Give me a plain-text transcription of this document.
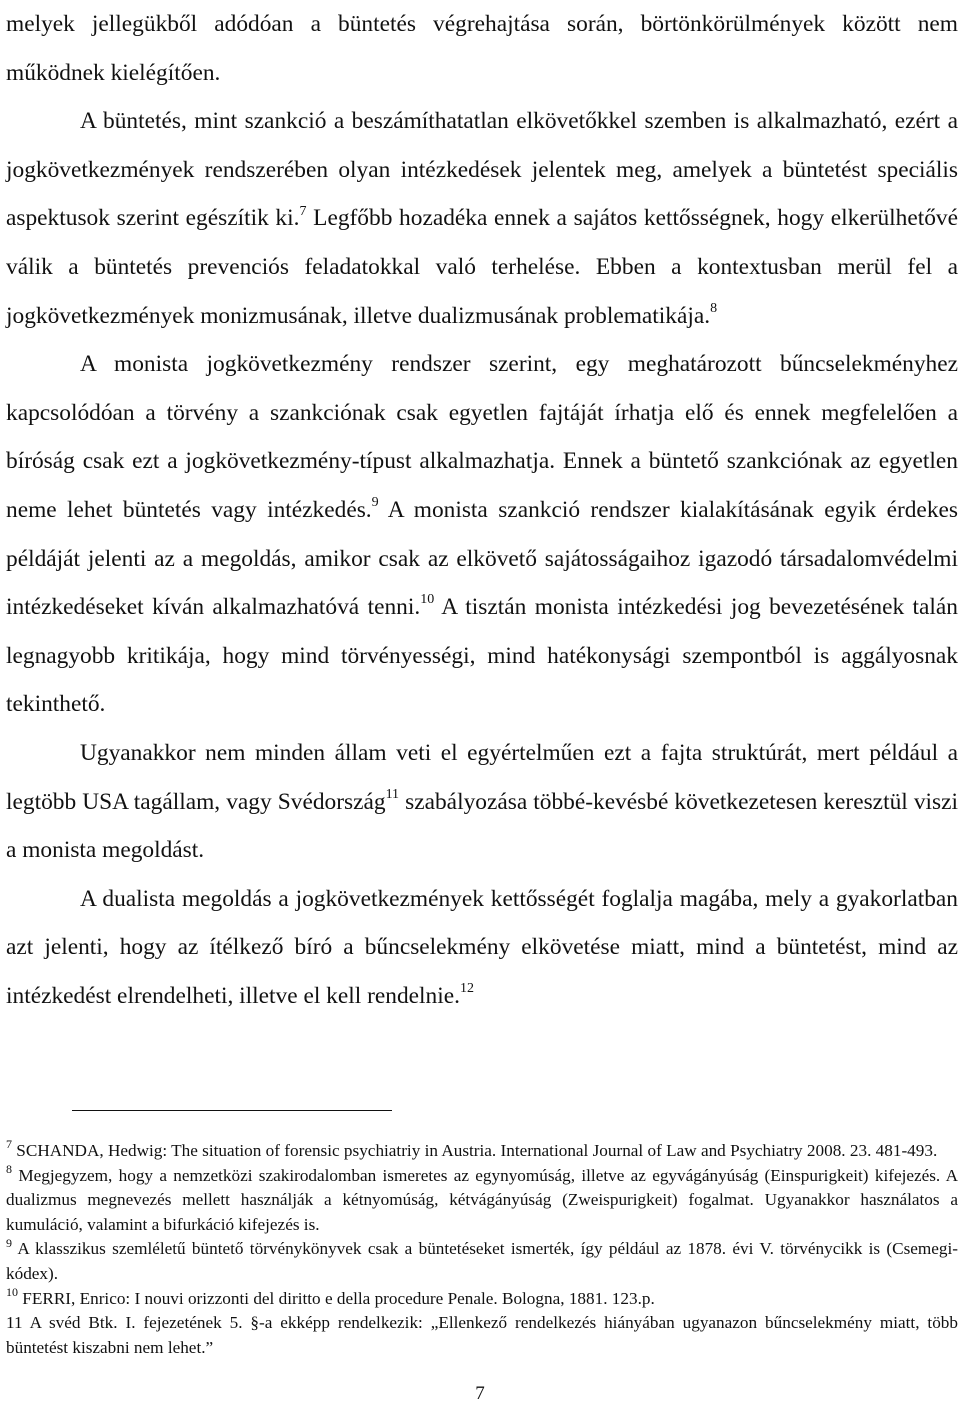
melyek jellegükből adódóan a büntetés végrehajtása során, börtönkörülmények között nem működnek kielégítően.

A büntetés, mint szankció a beszámíthatatlan elkövetőkkel szemben is alkalmazható, ezért a jogkövetkezmények rendszerében olyan intézkedések jelentek meg, amelyek a büntetést speciális aspektusok szerint egészítik ki.$^7$ Legfőbb hozadéka ennek a sajátos kettősségnek, hogy elkerülhetővé válik a büntetés prevenciós feladatokkal való terhelése. Ebben a kontextusban merül fel a jogkövetkezmények monizmusának, illetve dualizmusának problematikája.$^8$

A monista jogkövetkezmény rendszer szerint, egy meghatározott bűncselekményhez kapcsolódóan a törvény a szankciónak csak egyetlen fajtáját írhatja elő és ennek megfelelően a bíróság csak ezt a jogkövetkezmény-típust alkalmazhatja. Ennek a büntető szankciónak az egyetlen neme lehet büntetés vagy intézkedés.$^9$ A monista szankció rendszer kialakításának egyik érdekes példáját jelenti az a megoldás, amikor csak az elkövető sajátosságaihoz igazodó társadalomvédelmi intézkedéseket kíván alkalmazhatóvá tenni.$^{10}$ A tisztán monista intézkedési jog bevezetésének talán legnagyobb kritikája, hogy mind törvényességi, mind hatékonysági szempontból is aggályosnak tekinthető.

Ugyanakkor nem minden állam veti el egyértelműen ezt a fajta struktúrát, mert például a legtöbb USA tagállam, vagy Svédország$^{11}$ szabályozása többé-kevésbé következetesen keresztül viszi a monista megoldást.

A dualista megoldás a jogkövetkezmények kettősségét foglalja magába, mely a gyakorlatban azt jelenti, hogy az ítélkező bíró a bűncselekmény elkövetése miatt, mind a büntetést, mind az intézkedést elrendelheti, illetve el kell rendelnie.$^{12}$

$^7$ SCHANDA, Hedwig: The situation of forensic psychiatriy in Austria. International Journal of Law and Psychiatry 2008. 23. 481-493.

$^8$ Megjegyzem, hogy a nemzetközi szakirodalomban ismeretes az egynyomúság, illetve az egyvágányúság (Einspurigkeit) kifejezés. A dualizmus megnevezés mellett használják a kétnyomúság, kétvágányúság (Zweispurigkeit) fogalmat. Ugyanakkor használatos a kumuláció, valamint a bifurkáció kifejezés is.

$^9$ A klasszikus szemléletű büntető törvénykönyvek csak a büntetéseket ismerték, így például az 1878. évi V. törvénycikk is (Csemegi-kódex).

$^{10}$ FERRI, Enrico: I nouvi orizzonti del diritto e della procedure Penale. Bologna, 1881. 123.p.

11 A svéd Btk. I. fejezetének 5. §-a ekképp rendelkezik: „Ellenkező rendelkezés hiányában ugyanazon bűncselekmény miatt, több büntetést kiszabni nem lehet.”

7
